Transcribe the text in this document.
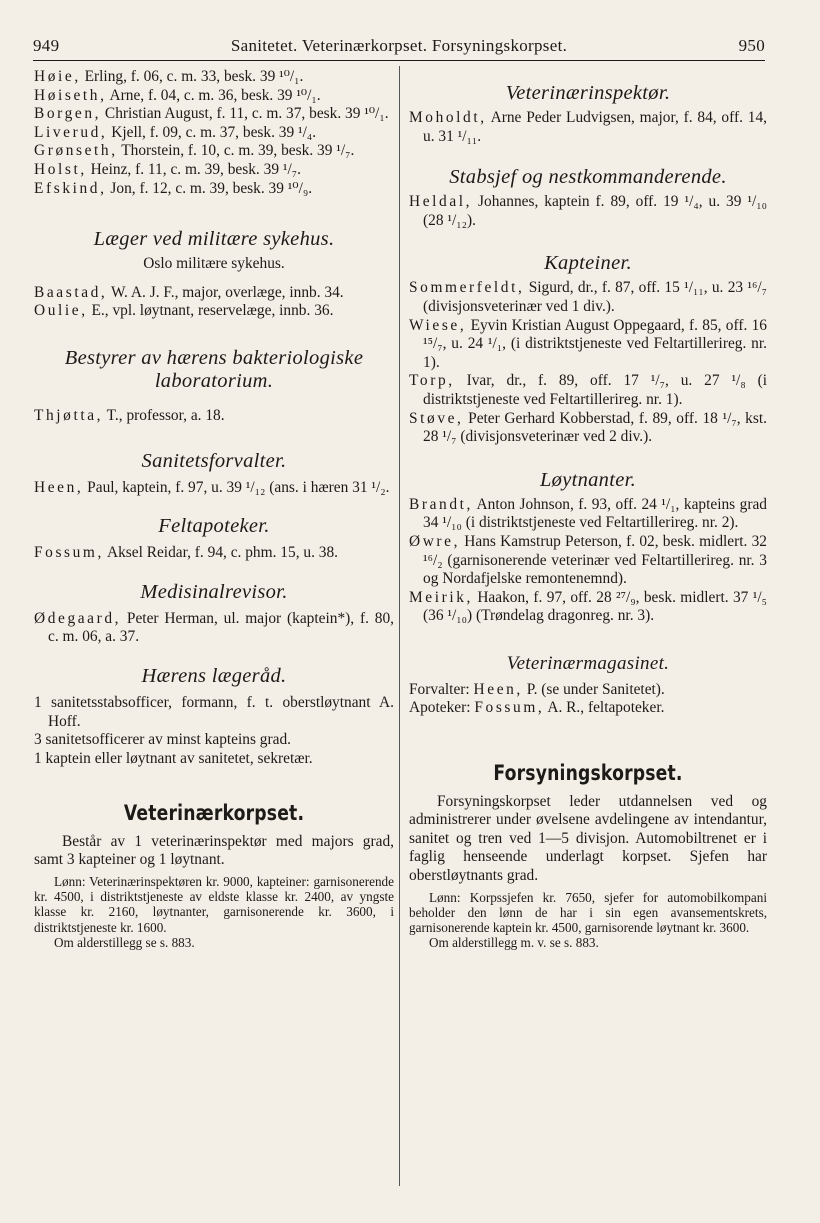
949	Sanitetet. Veterinærkorpset. Forsyningskorpset.	950

Høie, Erling, f. 06, c. m. 33, besk. 39 ¹⁰/₁.

Høiseth, Arne, f. 04, c. m. 36, besk. 39 ¹⁰/₁.

Borgen, Christian August, f. 11, c. m. 37, besk. 39 ¹⁰/₁.

Liverud, Kjell, f. 09, c. m. 37, besk. 39 ¹/₄.

Grønseth, Thorstein, f. 10, c. m. 39, besk. 39 ¹/₇.

Holst, Heinz, f. 11, c. m. 39, besk. 39 ¹/₇.

Efskind, Jon, f. 12, c. m. 39, besk. 39 ¹⁰/₉.

Læger ved militære sykehus.

Oslo militære sykehus.

Baastad, W. A. J. F., major, overlæge, innb. 34.

Oulie, E., vpl. løytnant, reservelæge, innb. 36.

Bestyrer av hærens bakteriologiske laboratorium.

Thjøtta, T., professor, a. 18.

Sanitetsforvalter.

Heen, Paul, kaptein, f. 97, u. 39 ¹/₁₂ (ans. i hæren 31 ¹/₂.

Feltapoteker.

Fossum, Aksel Reidar, f. 94, c. phm. 15, u. 38.

Medisinalrevisor.

Ødegaard, Peter Herman, ul. major (kaptein*), f. 80, c. m. 06, a. 37.

Hærens lægeråd.

1 sanitetsstabsofficer, formann, f. t. oberstløytnant A. Hoff.

3 sanitetsofficerer av minst kapteins grad.

1 kaptein eller løytnant av sanitetet, sekretær.

Veterinærkorpset.

Består av 1 veterinærinspektør med majors grad, samt 3 kapteiner og 1 løytnant.

Lønn: Veterinærinspektøren kr. 9000, kapteiner: garnisonerende kr. 4500, i distriktstjeneste av eldste klasse kr. 2400, av yngste klasse kr. 2160, løytnanter, garnisonerende kr. 3600, i distriktstjeneste kr. 1600.

Om alderstillegg se s. 883.

Veterinærinspektør.

Moholdt, Arne Peder Ludvigsen, major, f. 84, off. 14, u. 31 ¹/₁₁.

Stabsjef og nestkommanderende.

Heldal, Johannes, kaptein f. 89, off. 19 ¹/₄, u. 39 ¹/₁₀ (28 ¹/₁₂).

Kapteiner.

Sommerfeldt, Sigurd, dr., f. 87, off. 15 ¹/₁₁, u. 23 ¹⁶/₇ (divisjonsveterinær ved 1 div.).

Wiese, Eyvin Kristian August Oppegaard, f. 85, off. 16 ¹⁵/₇, u. 24 ¹/₁, (i distriktstjeneste ved Feltartillerireg. nr. 1).

Torp, Ivar, dr., f. 89, off. 17 ¹/₇, u. 27 ¹/₈ (i distriktstjeneste ved Feltartillerireg. nr. 1).

Støve, Peter Gerhard Kobberstad, f. 89, off. 18 ¹/₇, kst. 28 ¹/₇ (divisjonsveterinær ved 2 div.).

Løytnanter.

Brandt, Anton Johnson, f. 93, off. 24 ¹/₁, kapteins grad 34 ¹/₁₀ (i distriktstjeneste ved Feltartillerireg. nr. 2).

Øwre, Hans Kamstrup Peterson, f. 02, besk. midlert. 32 ¹⁶/₂ (garnisonerende veterinær ved Feltartillerireg. nr. 3 og Nordafjelske remontenemnd).

Meirik, Haakon, f. 97, off. 28 ²⁷/₉, besk. midlert. 37 ¹/₅ (36 ¹/₁₀) (Trøndelag dragonreg. nr. 3).

Veterinærmagasinet.

Forvalter: Heen, P. (se under Sanitetet).

Apoteker: Fossum, A. R., feltapoteker.

Forsyningskorpset.

Forsyningskorpset leder utdannelsen ved og administrerer under øvelsene avdelingene av intendantur, sanitet og tren ved 1—5 divisjon. Automobiltrenet er i faglig henseende underlagt korpset. Sjefen har oberstløytnants grad.

Lønn: Korpssjefen kr. 7650, sjefer for automobilkompani beholder den lønn de har i sin egen avansementskrets, garnisonerende kaptein kr. 4500, garnisorende løytnant kr. 3600.

Om alderstillegg m. v. se s. 883.
